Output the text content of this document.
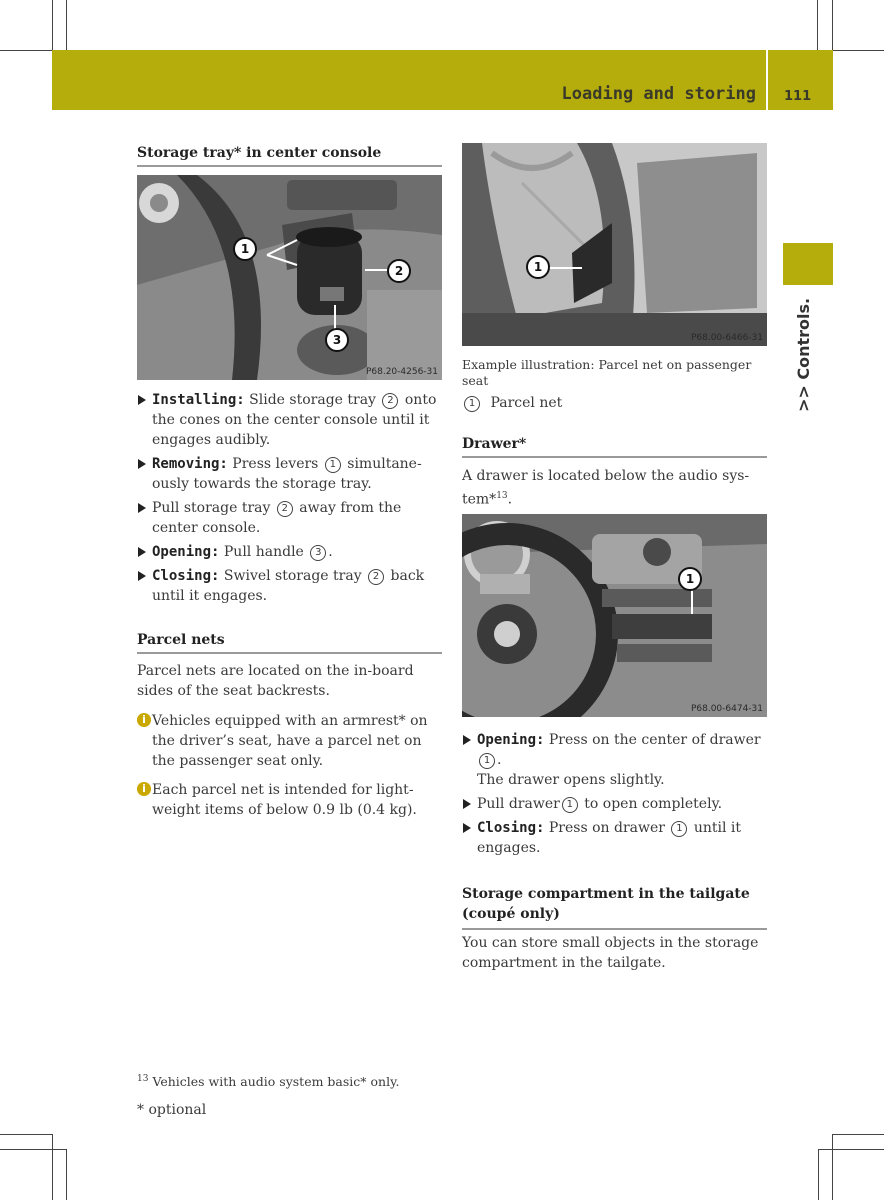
Loading and storing 111
>> Controls.
Storage tray* in center console
1
2
3
P68.20-4256-31
Installing: Slide storage tray 2 onto the cones on the center console until it engages audibly.
Removing: Press levers 1 simultaneously towards the storage tray.
Pull storage tray 2 away from the center console.
Opening: Pull handle 3 .
Closing: Swivel storage tray 2 back until it engages.
Parcel nets
Parcel nets are located on the in-board sides of the seat backrests.
i Vehicles equipped with an armrest* on the driver’s seat, have a parcel net on the passenger seat only.
i Each parcel net is intended for light-weight items of below 0.9 lb (0.4 kg).
$^{13}$ Vehicles with audio system basic* only.
* optional
1
P68.00-6466-31
Example illustration: Parcel net on passenger seat
1 Parcel net
Drawer*
A drawer is located below the audio sys-tem*$^{13}$.
1
P68.00-6474-31
Opening: Press on the center of drawer 1 .
The drawer opens slightly.
Pull drawer 1 to open completely.
Closing: Press on drawer 1 until it engages.
Storage compartment in the tailgate
(coupé only)
You can store small objects in the storage compartment in the tailgate.
